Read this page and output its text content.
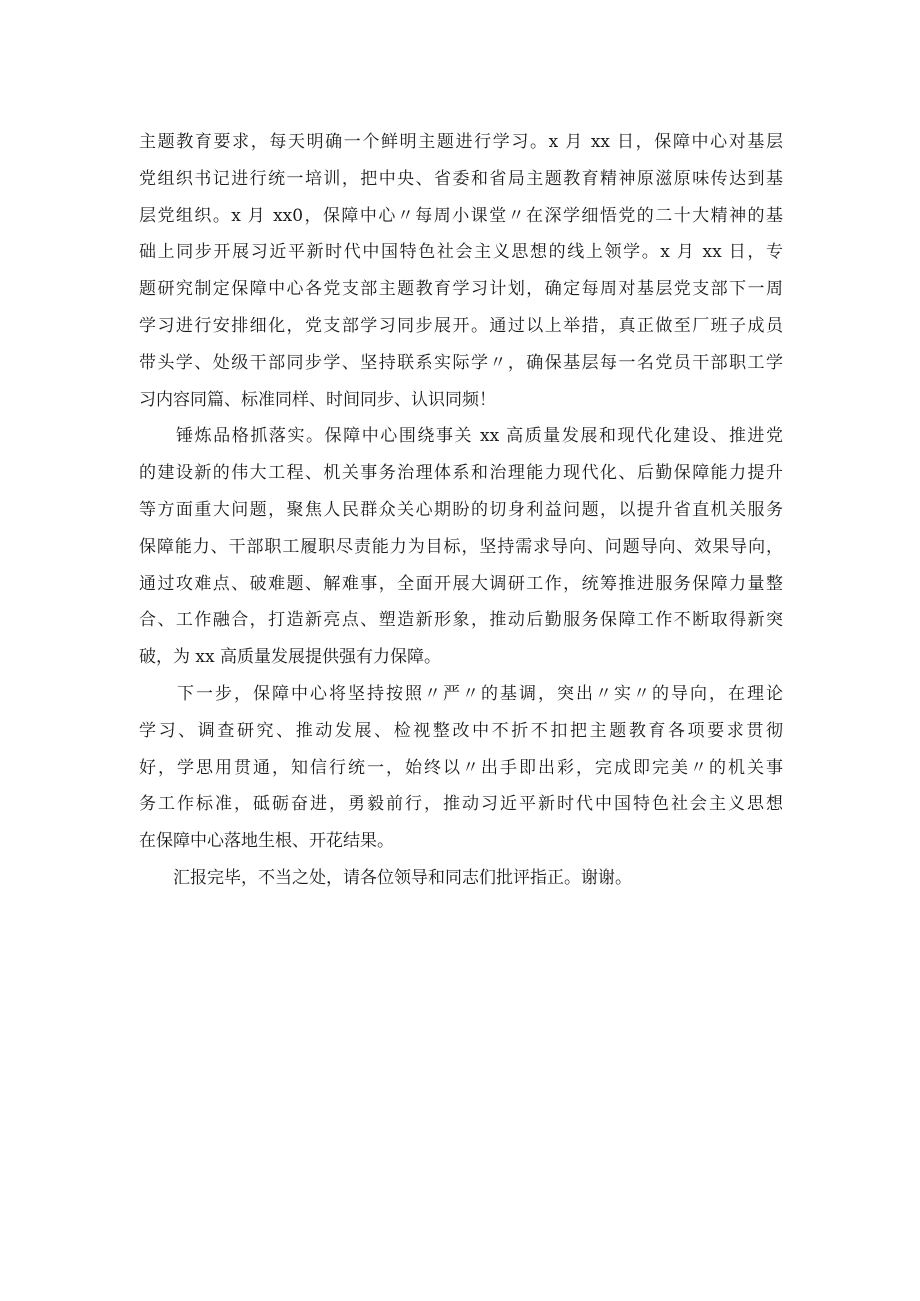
主题教育要求，每天明确一个鲜明主题进行学习。x 月 xx 日，保障中心对基层
党组织书记进行统一培训，把中央、省委和省局主题教育精神原滋原味传达到基
层党组织。x 月 xx0，保障中心〃每周小课堂〃在深学细悟党的二十大精神的基
础上同步开展习近平新时代中国特色社会主义思想的线上领学。x 月 xx 日，专
题研究制定保障中心各党支部主题教育学习计划，确定每周对基层党支部下一周
学习进行安排细化，党支部学习同步展开。通过以上举措，真正做至厂班子成员
带头学、处级干部同步学、坚持联系实际学〃，确保基层每一名党员干部职工学
习内容同篇、标准同样、时间同步、认识同频！

　　锤炼品格抓落实。保障中心围绕事关 xx 高质量发展和现代化建设、推进党
的建设新的伟大工程、机关事务治理体系和治理能力现代化、后勤保障能力提升
等方面重大问题，聚焦人民群众关心期盼的切身利益问题，以提升省直机关服务
保障能力、干部职工履职尽责能力为目标，坚持需求导向、问题导向、效果导向，
通过攻难点、破难题、解难事，全面开展大调研工作，统筹推进服务保障力量整
合、工作融合，打造新亮点、塑造新形象，推动后勤服务保障工作不断取得新突
破，为 xx 高质量发展提供强有力保障。

　　下一步，保障中心将坚持按照〃严〃的基调，突出〃实〃的导向，在理论
学习、调查研究、推动发展、检视整改中不折不扣把主题教育各项要求贯彻
好，学思用贯通，知信行统一，始终以〃出手即出彩，完成即完美〃的机关事
务工作标准，砥砺奋进，勇毅前行，推动习近平新时代中国特色社会主义思想
在保障中心落地生根、开花结果。

　　汇报完毕，不当之处，请各位领导和同志们批评指正。谢谢。
